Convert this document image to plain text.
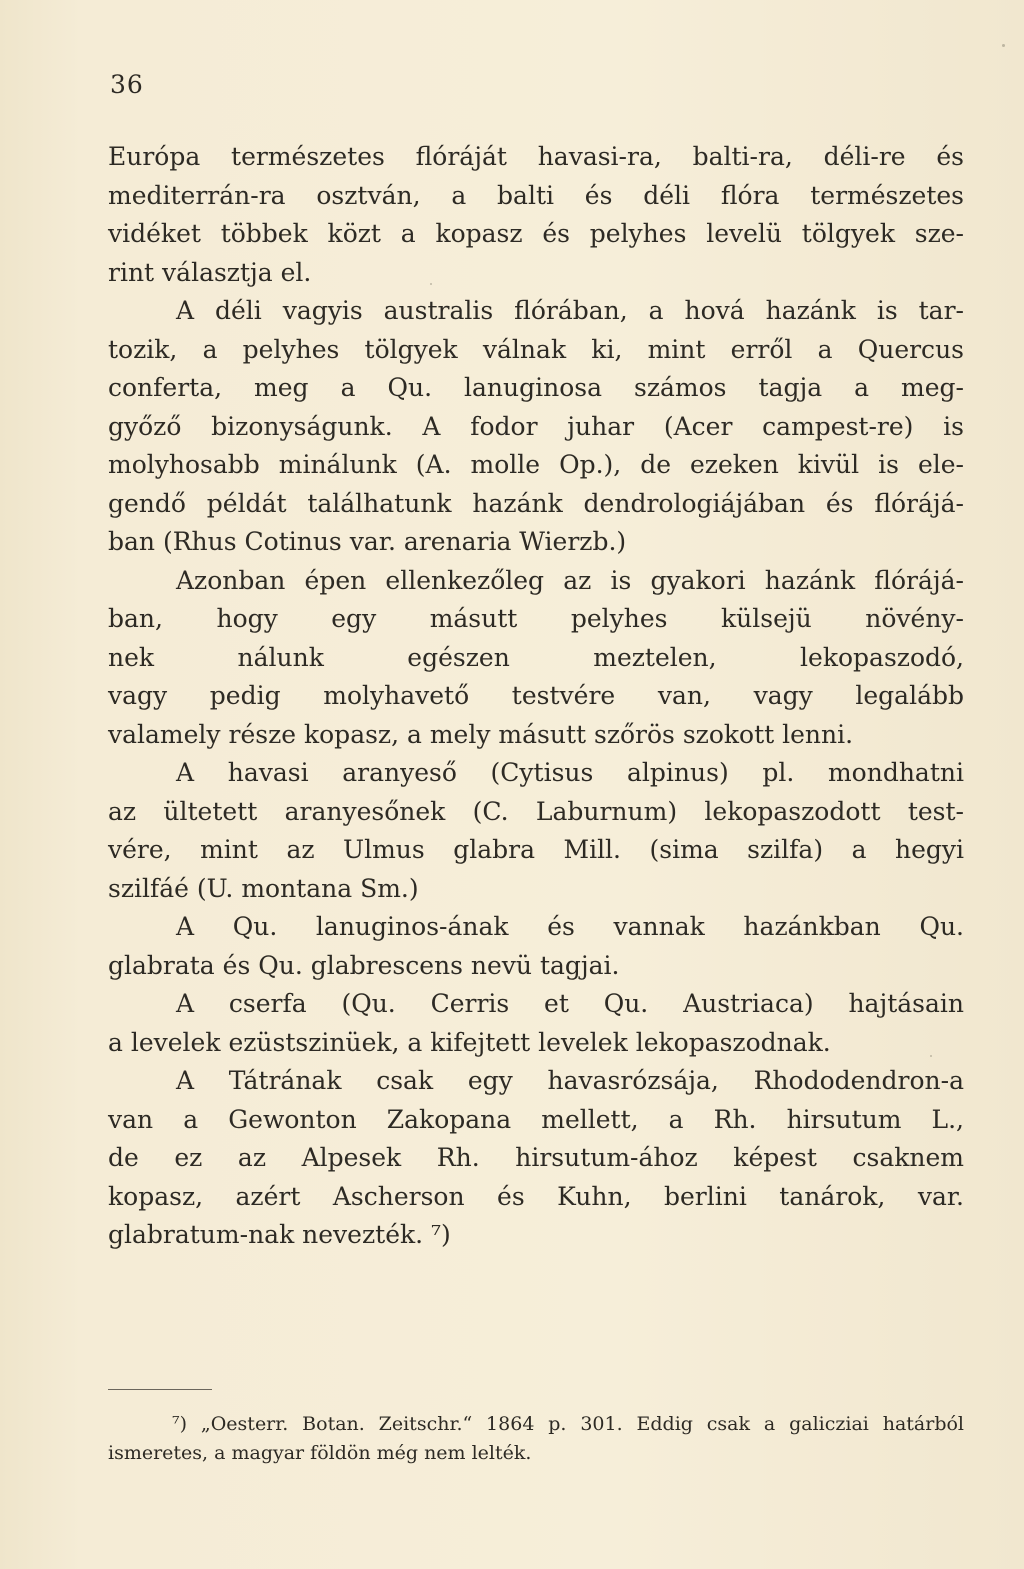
36
Európa természetes flóráját havasi-ra, balti-ra, déli-re és
mediterrán-ra osztván, a balti és déli flóra természetes
vidéket többek közt a kopasz és pelyhes levelü tölgyek sze-
rint választja el.
A déli vagyis australis flórában, a hová hazánk is tar-
tozik, a pelyhes tölgyek válnak ki, mint erről a Quercus
conferta, meg a Qu. lanuginosa számos tagja a meg-
győző bizonyságunk. A fodor juhar (Acer campest-re) is
molyhosabb minálunk (A. molle Op.), de ezeken kivül is ele-
gendő példát találhatunk hazánk dendrologiájában és flórájá-
ban (Rhus Cotinus var. arenaria Wierzb.)
Azonban épen ellenkezőleg az is gyakori hazánk flórájá-
ban, hogy egy másutt pelyhes külsejü növény-
nek nálunk egészen meztelen, lekopaszodó,
vagy pedig molyhavető testvére van, vagy legalább
valamely része kopasz, a mely másutt szőrös szokott lenni.
A havasi aranyeső (Cytisus alpinus) pl. mondhatni
az ültetett aranyesőnek (C. Laburnum) lekopaszodott test-
vére, mint az Ulmus glabra Mill. (sima szilfa) a hegyi
szilfáé (U. montana Sm.)
A Qu. lanuginos-ának és vannak hazánkban Qu.
glabrata és Qu. glabrescens nevü tagjai.
A cserfa (Qu. Cerris et Qu. Austriaca) hajtásain
a levelek ezüstszinüek, a kifejtett levelek lekopaszodnak.
A Tátrának csak egy havasrózsája, Rhododendron-a
van a Gewonton Zakopana mellett, a Rh. hirsutum L.,
de ez az Alpesek Rh. hirsutum-ához képest csaknem
kopasz, azért Ascherson és Kuhn, berlini tanárok, var.
glabratum-nak nevezték. ⁷)
⁷) „Oesterr. Botan. Zeitschr.“ 1864 p. 301. Eddig csak a galicziai határból
ismeretes, a magyar földön még nem lelték.
